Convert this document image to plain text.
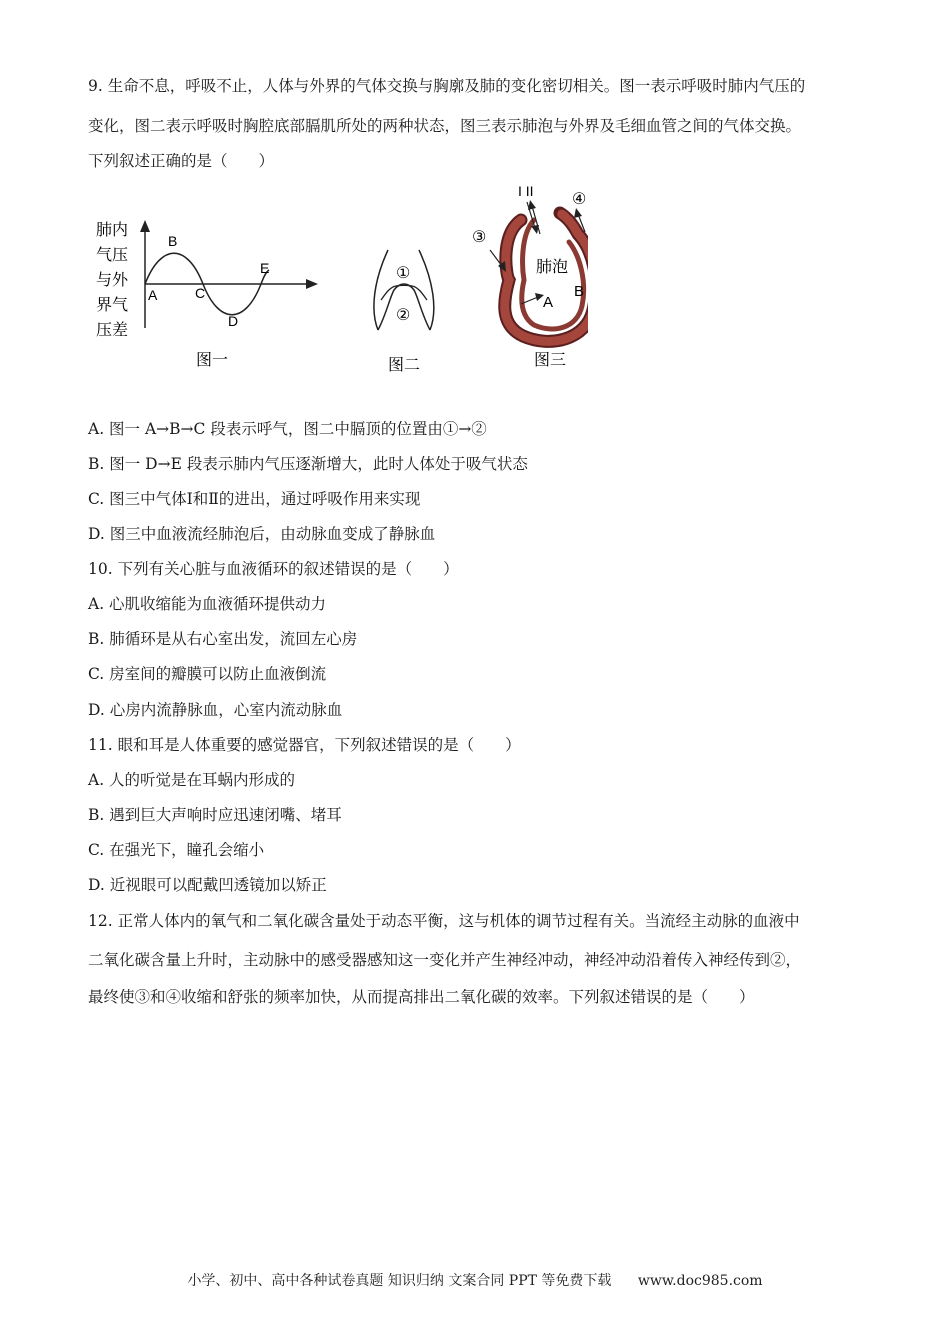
9. 生命不息，呼吸不止，人体与外界的气体交换与胸廓及肺的变化密切相关。图一表示呼吸时肺内气压的
变化，图二表示呼吸时胸腔底部膈肌所处的两种状态，图三表示肺泡与外界及毛细血管之间的气体交换。
下列叙述正确的是（　　）
肺内
气压
与外
界气
压差
A
B
C
D
E
图一
①
②
图二
I II ④
③
肺泡
A
B
图三
A. 图一 A→B→C 段表示呼气，图二中膈顶的位置由①→②
B. 图一 D→E 段表示肺内气压逐渐增大，此时人体处于吸气状态
C. 图三中气体Ⅰ和Ⅱ的进出，通过呼吸作用来实现
D. 图三中血液流经肺泡后，由动脉血变成了静脉血
10. 下列有关心脏与血液循环的叙述错误的是（　　）
A. 心肌收缩能为血液循环提供动力
B. 肺循环是从右心室出发，流回左心房
C. 房室间的瓣膜可以防止血液倒流
D. 心房内流静脉血，心室内流动脉血
11. 眼和耳是人体重要的感觉器官，下列叙述错误的是（　　）
A. 人的听觉是在耳蜗内形成的
B. 遇到巨大声响时应迅速闭嘴、堵耳
C. 在强光下，瞳孔会缩小
D. 近视眼可以配戴凹透镜加以矫正
12. 正常人体内的氧气和二氧化碳含量处于动态平衡，这与机体的调节过程有关。当流经主动脉的血液中
二氧化碳含量上升时，主动脉中的感受器感知这一变化并产生神经冲动，神经冲动沿着传入神经传到②，
最终使③和④收缩和舒张的频率加快，从而提高排出二氧化碳的效率。下列叙述错误的是（　　）
小学、初中、高中各种试卷真题 知识归纳 文案合同 PPT 等免费下载 www.doc985.com
